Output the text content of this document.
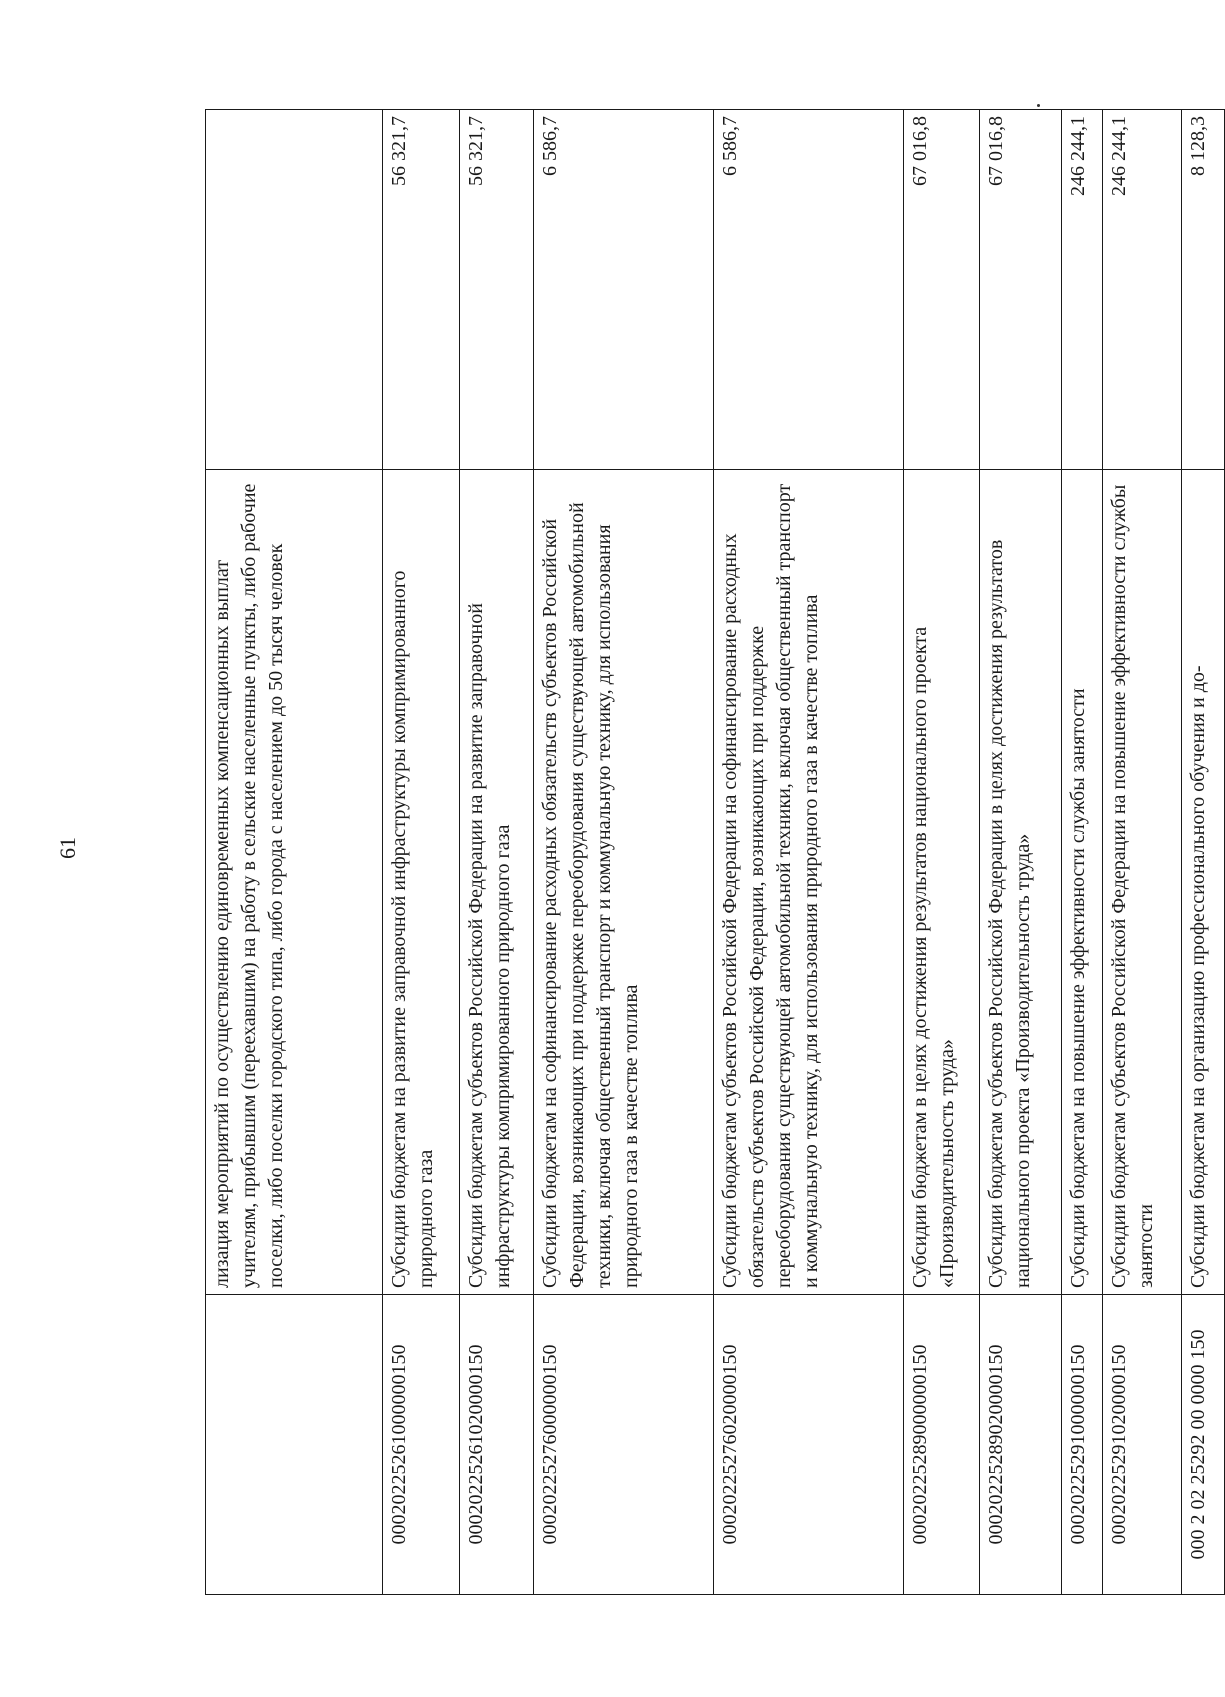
61
		лизация мероприятий по осуществлению единовременных компенсационных выплат учителям, прибывшим (переехавшим) на работу в сельские населенные пункты, либо рабочие поселки, либо поселки городского типа, либо города с населением до 50 тысяч человек	
00020225261000000150	Субсидии бюджетам на развитие заправочной инфраструктуры компримированного природного газа	56 321,7
00020225261020000150	Субсидии бюджетам субъектов Российской Федерации на развитие заправочной инфраструктуры компримированного природного газа	56 321,7
00020225276000000150	Субсидии бюджетам на софинансирование расходных обязательств субъектов Российской Федерации, возникающих при поддержке переоборудования существующей автомобильной техники, включая общественный транспорт и коммунальную технику, для использования природного газа в качестве топлива	6 586,7
00020225276020000150	Субсидии бюджетам субъектов Российской Федерации на софинансирование расходных обязательств субъектов Российской Федерации, возникающих при поддержке переоборудования существующей автомобильной техники, включая общественный транспорт и коммунальную технику, для использования природного газа в качестве топлива	6 586,7
00020225289000000150	Субсидии бюджетам в целях достижения результатов национального проекта «Производительность труда»	67 016,8
00020225289020000150	Субсидии бюджетам субъектов Российской Федерации в целях достижения результатов национального проекта «Производительность труда»	67 016,8
00020225291000000150	Субсидии бюджетам на повышение эффективности службы занятости	246 244,1
00020225291020000150	Субсидии бюджетам субъектов Российской Федерации на повышение эффективности службы занятости	246 244,1
000 2 02 25292 00 0000 150	Субсидии бюджетам на организацию профессионального обучения и до-	8 128,3
